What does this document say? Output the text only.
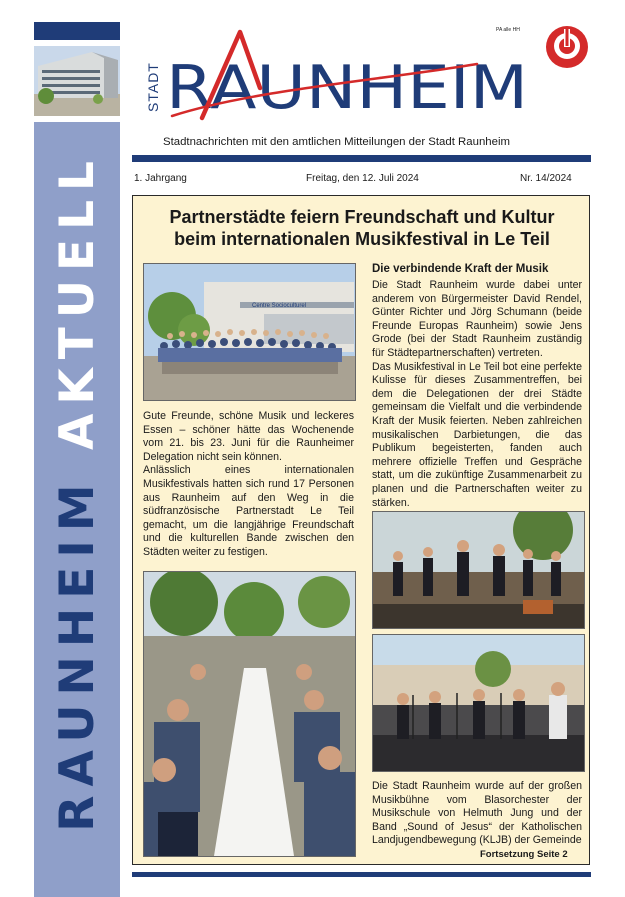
RAUNHEIM AKTUELL
STADT RAUNHEIM
PA alle HH
Stadtnachrichten mit den amtlichen Mitteilungen der Stadt Raunheim
1. Jahrgang	Freitag, den 12. Juli 2024	Nr. 14/2024
Partnerstädte feiern Freundschaft und Kultur
beim internationalen Musikfestival in Le Teil
Centre Socioculturel

Gute Freunde, schöne Musik und leckeres Essen – schöner hätte das Wochenende vom 21. bis 23. Juni für die Raunheimer Delegation nicht sein können.

Anlässlich eines internationalen Musikfestivals hatten sich rund 17 Personen aus Raunheim auf den Weg in die südfranzösische Partnerstadt Le Teil gemacht, um die langjährige Freundschaft und die kulturellen Bande zwischen den Städten weiter zu festigen.

Die verbindende Kraft der Musik

Die Stadt Raunheim wurde dabei unter anderem von Bürgermeister David Rendel, Günter Richter und Jörg Schumann (beide Freunde Europas Raunheim) sowie Jens Grode (bei der Stadt Raunheim zuständig für Städtepartnerschaften) vertreten.

Das Musikfestival in Le Teil bot eine perfekte Kulisse für dieses Zusammentreffen, bei dem die Delegationen der drei Städte gemeinsam die Vielfalt und die verbindende Kraft der Musik feierten. Neben zahlreichen musikalischen Darbietungen, die das Publikum begeisterten, fanden auch mehrere offizielle Treffen und Gespräche statt, um die zukünftige Zusammenarbeit zu planen und die Partnerschaften weiter zu stärken.

Die Stadt Raunheim wurde auf der großen Musikbühne vom Blasorchester der Musikschule von Helmuth Jung und der Band „Sound of Jesus“ der Katholischen Landjugendbewegung (KLJB) der Gemeinde

Fortsetzung Seite 2
